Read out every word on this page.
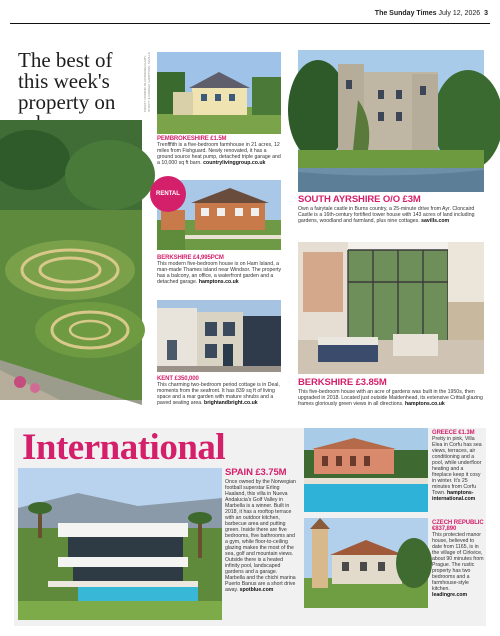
The Sunday Times July 12, 2026 3
The best of this week's property on	CREDIT: DOMINIC BLACKMORE/ALAMY; STRUTT & PARKER; HAMPTONS; SAVILLS
PEMBROKESHIRE £1.5M
Trenfffith is a five-bedroom farmhouse in 21 acres, 12 miles from Fishguard. Newly renovated, it has a ground source heat pump, detached triple garage and a 10,000 sq ft barn. countrylivinggroup.co.uk
RENTAL
BERKSHIRE £4,995PCM
This modern five-bedroom house is on Ham Island, a man-made Thames island near Windsor. The property has a balcony, an office, a waterfront garden and a detached garage. hamptons.co.uk
KENT £350,000
This charming two-bedroom period cottage is in Deal, moments from the seafront. It has 839 sq ft of living space and a rear garden with mature shrubs and a paved seating area. brightandbright.co.uk
SOUTH AYRSHIRE O/O £3M
Own a fairytale castle in Burns country, a 25-minute drive from Ayr. Cloncaird Castle is a 16th-century fortified tower house with 143 acres of land including gardens, woodland and farmland, plus nine cottages. savills.com
BERKSHIRE £3.85M
This five-bedroom house with an acre of gardens was built in the 1950s, then upgraded in 2018. Located just outside Maidenhead, its extensive Crittall glazing frames gloriously green views in all directions. hamptons.co.uk
International
SPAIN £3.75M
Once owned by the Norwegian football superstar Erling Haaland, this villa in Nueva Andalucia's Golf Valley in Marbella is a winner. Built in 2018, it has a rooftop terrace with an outdoor kitchen, barbecue area and putting green. Inside there are five bedrooms, five bathrooms and a gym, while floor-to-ceiling glazing makes the most of the sea, golf and mountain views. Outside there is a heated infinity pool, landscaped gardens and a garage. Marbella and the chichi marina Puerto Banus are a short drive away. spotblue.com
GREECE €1.3M
Pretty in pink, Villa Elea in Corfu has sea views, terraces, air conditioning and a pool, while underfloor heating and a fireplace keep it cosy in winter. It's 25 minutes from Corfu Town. hamptons-international.com
CZECH REPUBLIC €837,890
This protected manor house, believed to date from 1165, is in the village of Cirkvice, about 90 minutes from Prague. The rustic property has two bedrooms and a farmhouse-style kitchen. leadingre.com
